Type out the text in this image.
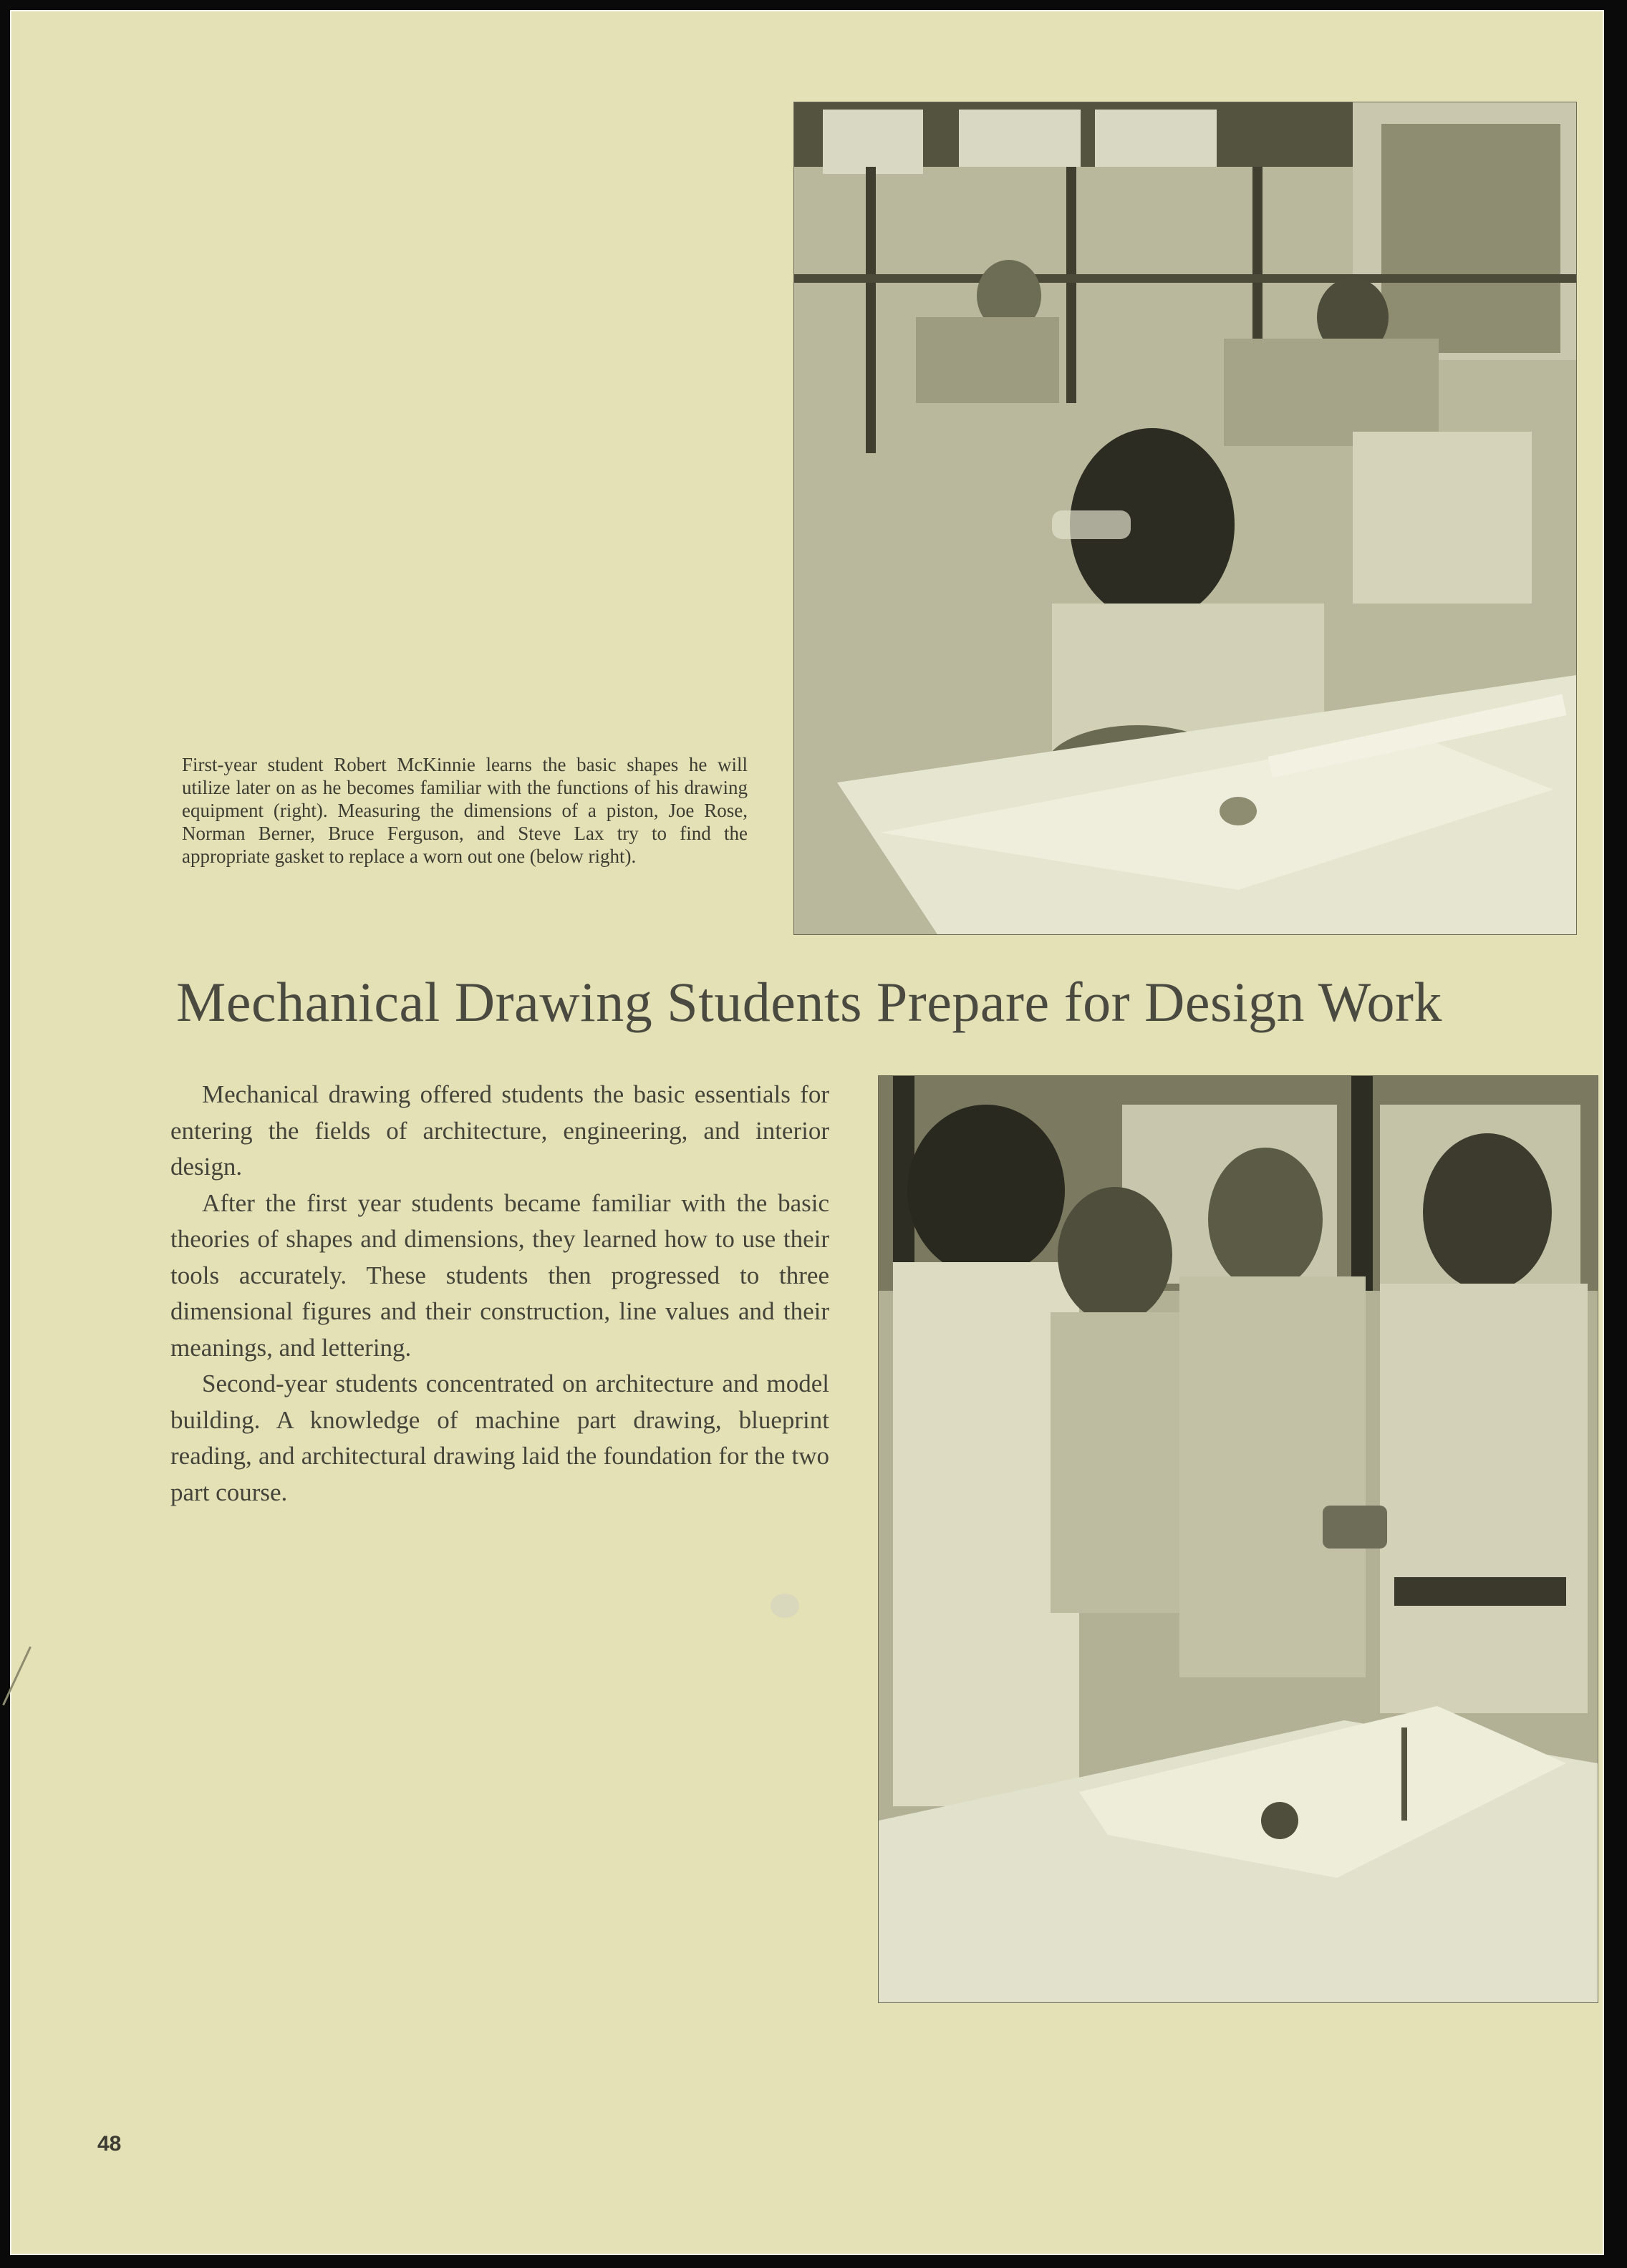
First-year student Robert McKinnie learns the basic shapes he will utilize later on as he becomes familiar with the functions of his drawing equipment (right). Measuring the dimensions of a piston, Joe Rose, Norman Berner, Bruce Ferguson, and Steve Lax try to find the appropriate gasket to replace a worn out one (below right).
Mechanical Drawing Students Prepare for Design Work

Mechanical drawing offered students the basic essentials for entering the fields of architecture, engineering, and interior design.

After the first year students became familiar with the basic theories of shapes and dimensions, they learned how to use their tools accurately. These students then progressed to three dimensional figures and their construction, line values and their meanings, and lettering.

Second-year students concentrated on architecture and model building. A knowledge of machine part drawing, blueprint reading, and architectural drawing laid the foundation for the two part course.

48
